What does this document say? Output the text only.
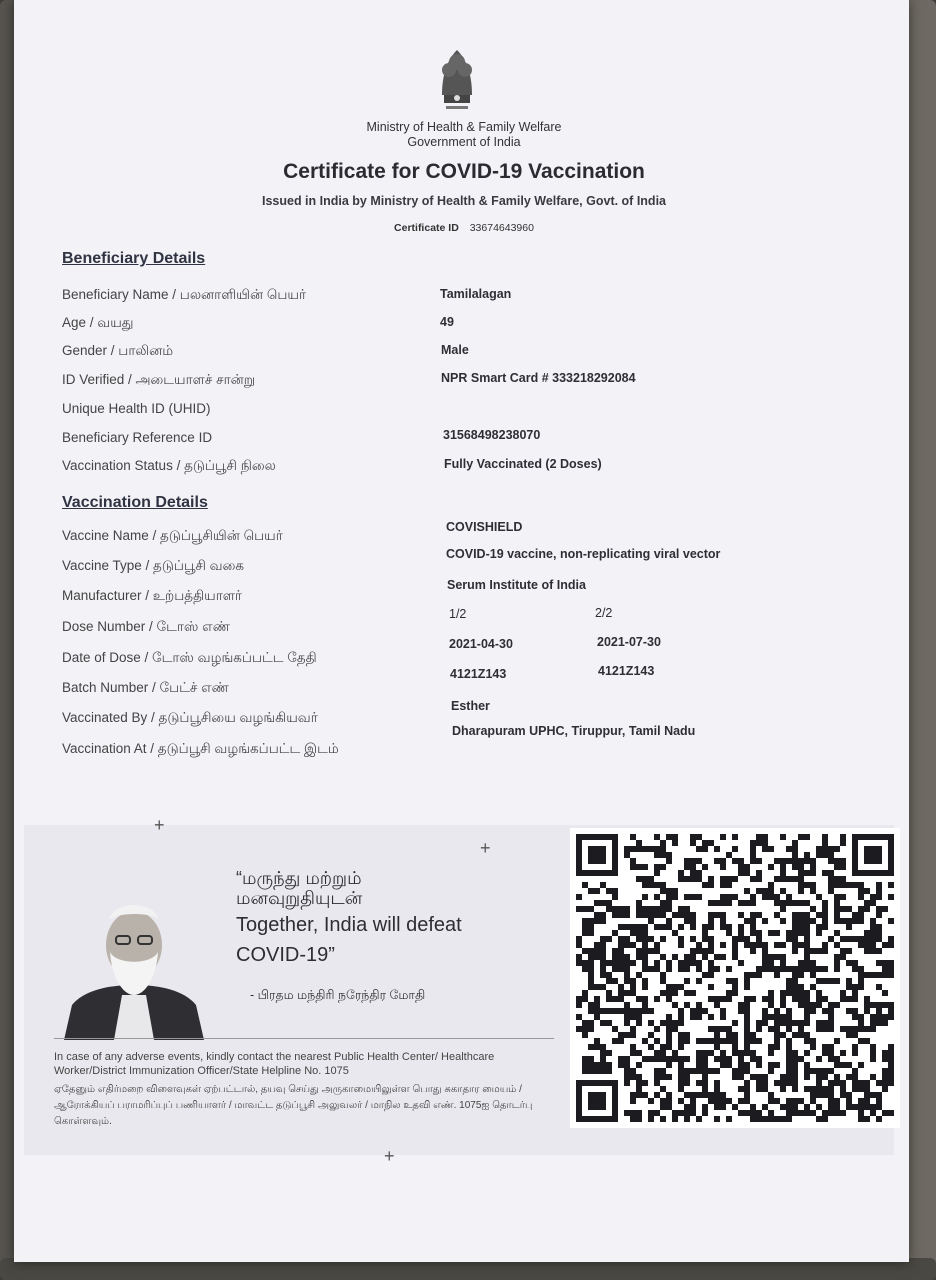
Ministry of Health & Family Welfare
Government of India
Certificate for COVID-19 Vaccination
Issued in India by Ministry of Health & Family Welfare, Govt. of India
Certificate ID 33674643960
Beneficiary Details
Beneficiary Name / பலனாளியின் பெயர்	Tamilalagan
Age / வயது	49
Gender / பாலினம்	Male
ID Verified / அடையாளச் சான்று	NPR Smart Card # 333218292084
Unique Health ID (UHID)
Beneficiary Reference ID	31568498238070
Vaccination Status / தடுப்பூசி நிலை	Fully Vaccinated (2 Doses)
Vaccination Details
Vaccine Name / தடுப்பூசியின் பெயர்
COVISHIELD
Vaccine Type / தடுப்பூசி வகை
COVID-19 vaccine, non-replicating viral vector
Manufacturer / உற்பத்தியாளர்
Serum Institute of India
Dose Number / டோஸ் எண்
1/2	2/2
Date of Dose / டோஸ் வழங்கப்பட்ட தேதி
2021-04-30	2021-07-30
Batch Number / பேட்ச் எண்
4121Z143	4121Z143
Vaccinated By / தடுப்பூசியை வழங்கியவர்
Esther
Vaccination At / தடுப்பூசி வழங்கப்பட்ட இடம்
Dharapuram UPHC, Tiruppur, Tamil Nadu
+
+
+
“மருந்து மற்றும்
மனவுறுதியுடன்
Together, India will defeat COVID-19”
- பிரதம மந்திரி நரேந்திர மோதி
In case of any adverse events, kindly contact the nearest Public Health Center/ Healthcare Worker/District Immunization Officer/State Helpline No. 1075
ஏதேனும் எதிர்மறை விளைவுகள் ஏற்பட்டால், தயவு செய்து அருகாமையிலுள்ள பொது சுகாதார மையம் / ஆரோக்கியப் பராமரிப்புப் பணியாளர் / மாவட்ட தடுப்பூசி அலுவலர் / மாநில உதவி எண். 1075ஐ தொடர்பு கொள்ளவும்.
